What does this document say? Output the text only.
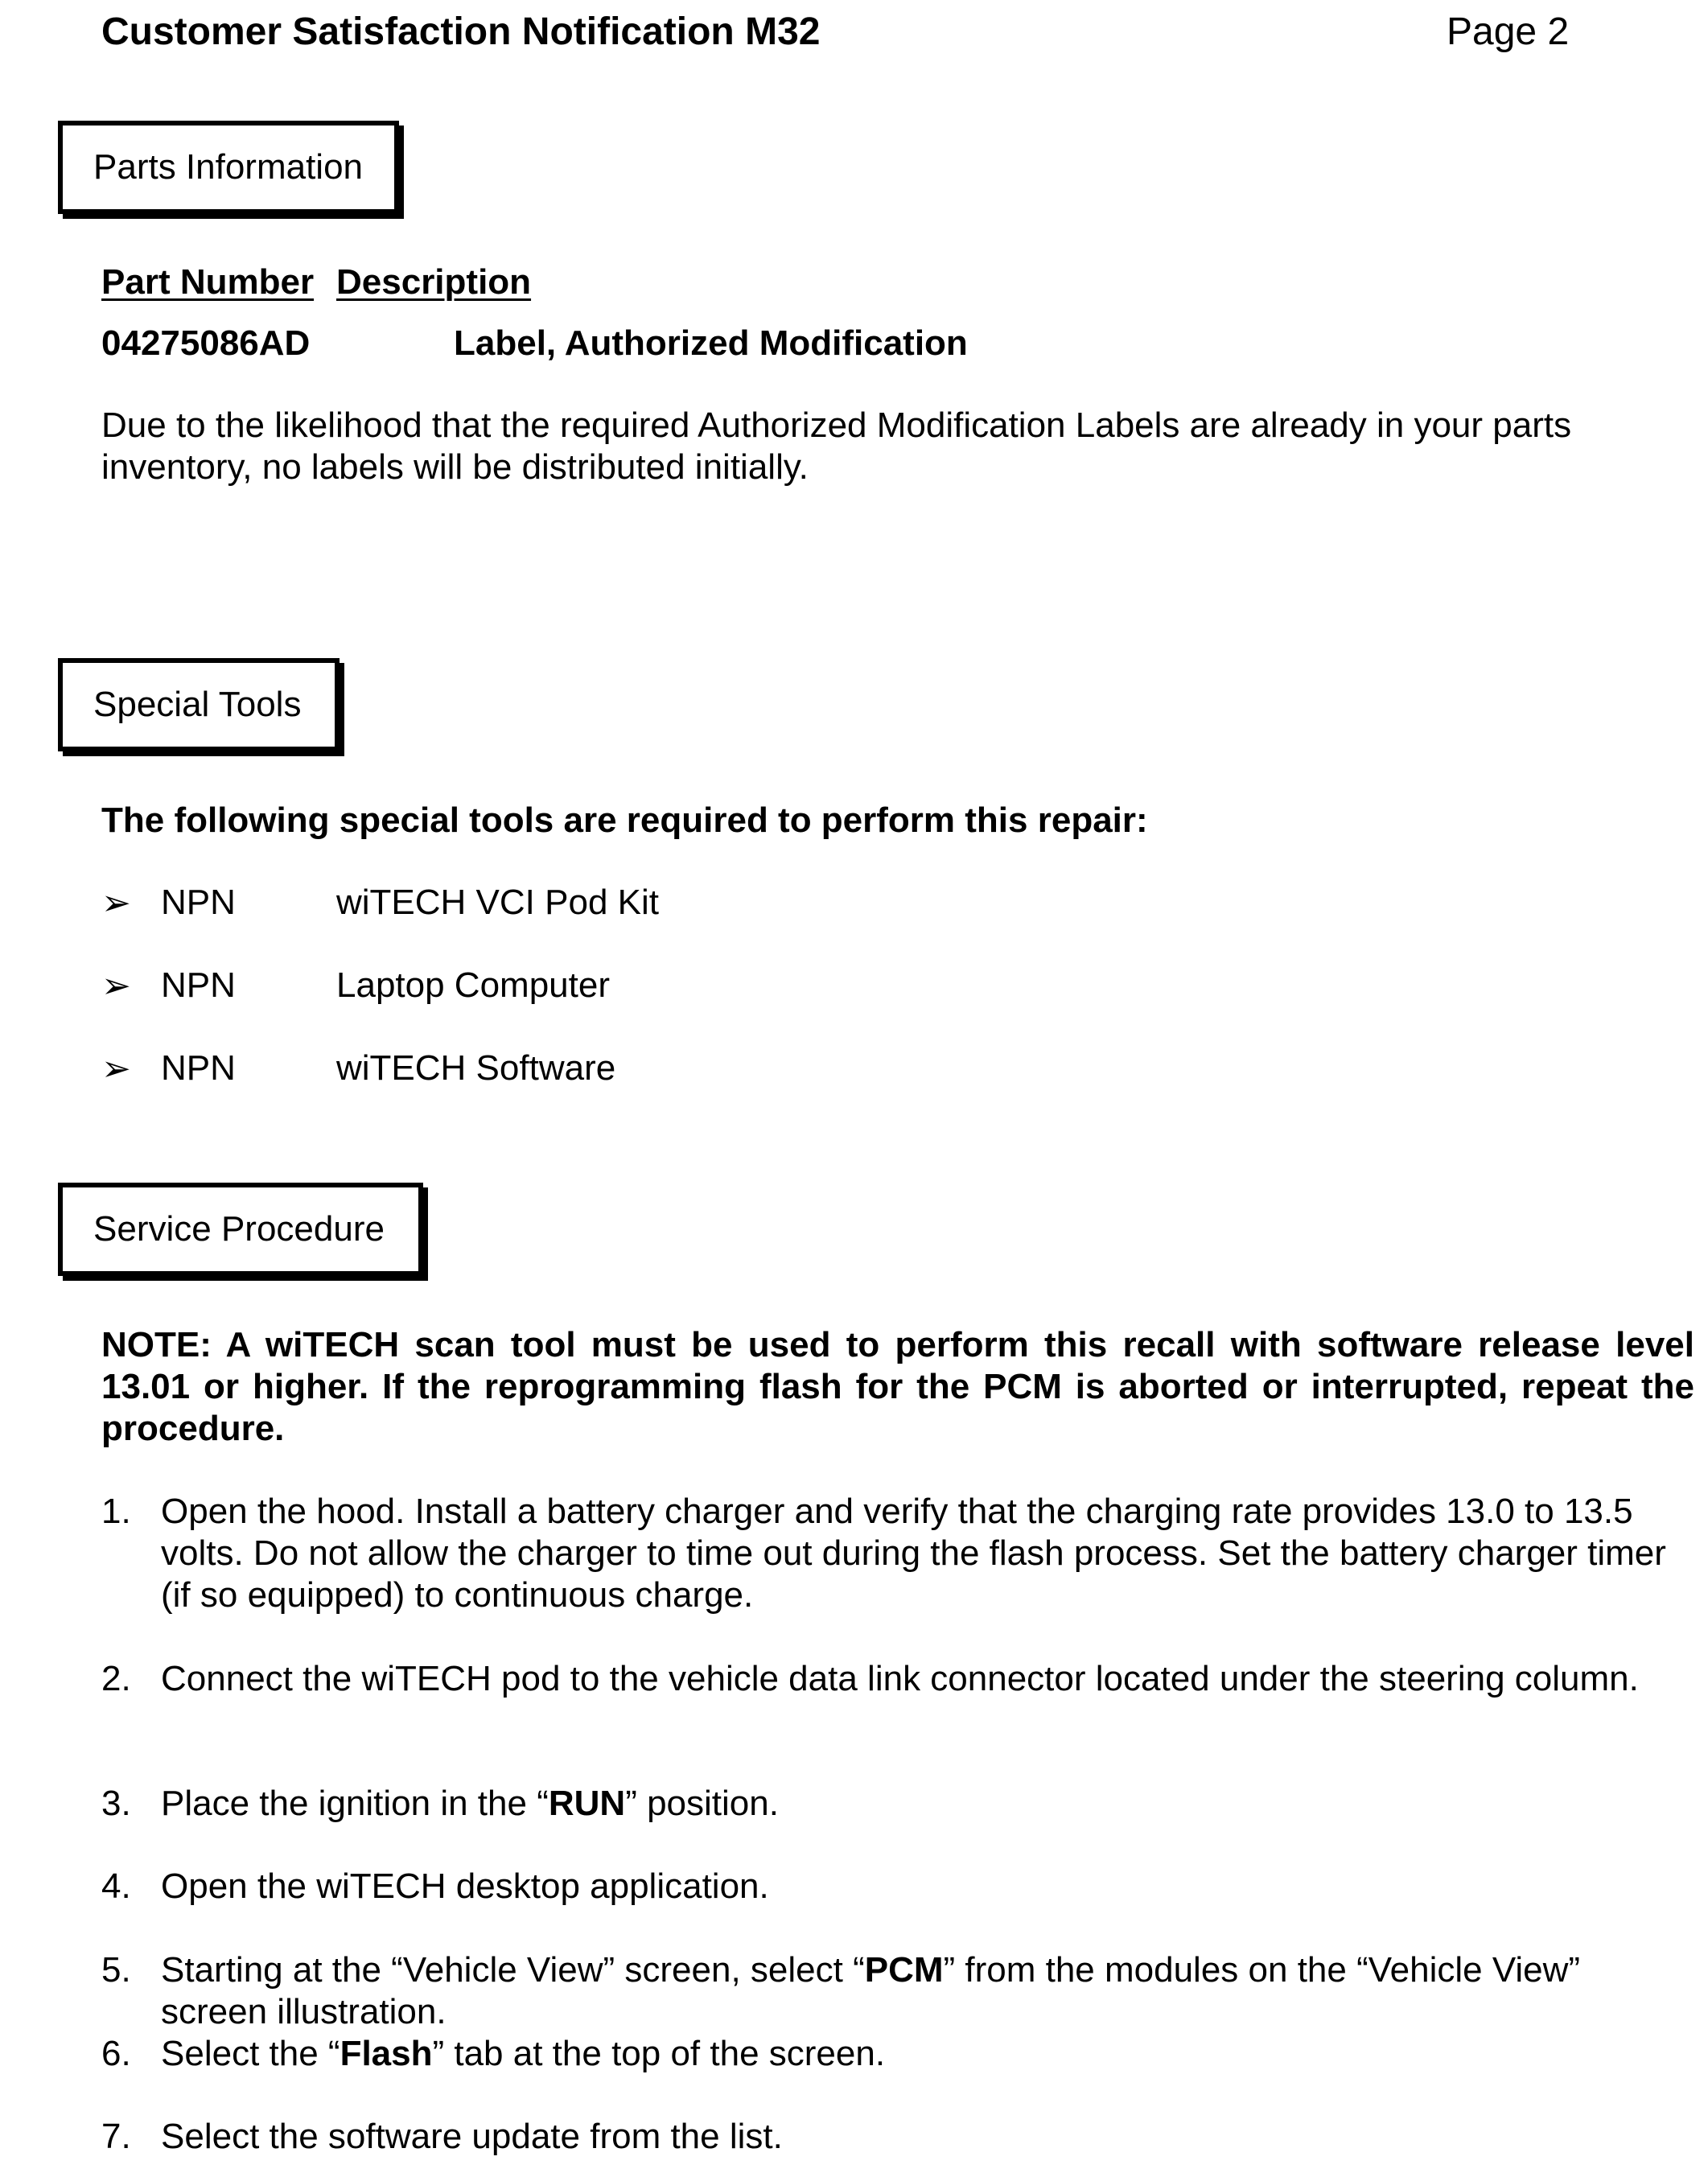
Customer Satisfaction Notification M32	Page 2
Parts Information
Part Number Description
04275086AD	Label, Authorized Modification
Due to the likelihood that the required Authorized Modification Labels are already in your parts inventory, no labels will be distributed initially.
Special Tools
The following special tools are required to perform this repair:
➢ NPN	wiTECH VCI Pod Kit
➢ NPN	Laptop Computer
➢ NPN	wiTECH Software
Service Procedure
NOTE: A wiTECH scan tool must be used to perform this recall with software release level 13.01 or higher. If the reprogramming flash for the PCM is aborted or interrupted, repeat the procedure.
1. Open the hood. Install a battery charger and verify that the charging rate provides 13.0 to 13.5 volts. Do not allow the charger to time out during the flash process. Set the battery charger timer (if so equipped) to continuous charge.
2. Connect the wiTECH pod to the vehicle data link connector located under the steering column.
3. Place the ignition in the “RUN” position.
4. Open the wiTECH desktop application.
5. Starting at the “Vehicle View” screen, select “PCM” from the modules on the “Vehicle View” screen illustration.
6. Select the “Flash” tab at the top of the screen.
7. Select the software update from the list.
